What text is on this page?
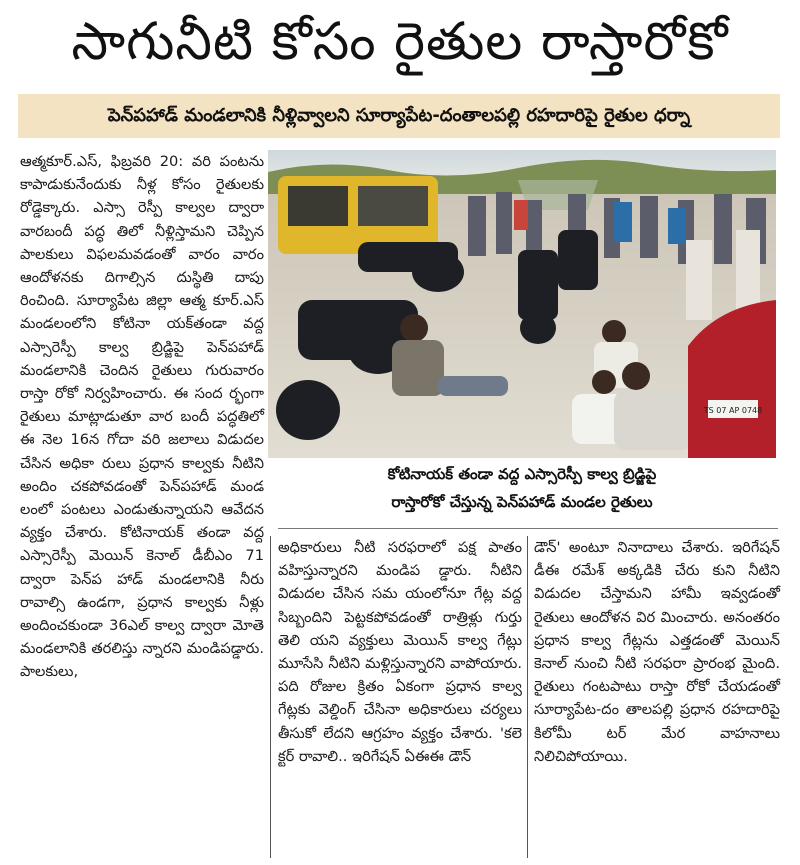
సాగునీటి కోసం రైతుల రాస్తారోకో
పెన్‌పహాడ్ మండలానికి నీళ్లివ్వాలని సూర్యాపేట-దంతాలపల్లి రహదారిపై రైతుల ధర్నా
ఆత్మకూర్.ఎస్, ఫిబ్రవరి 20: వరి పంటను కాపాడుకునేందుకు నీళ్ల కోసం రైతులకు రోడ్డెక్కారు. ఎస్సా రెస్పీ కాల్వల ద్వారా వారబందీ పద్ధ తిలో నీళ్లిస్తామని చెప్పిన పాలకులు విఫలమవడంతో వారం వారం ఆందోళనకు దిగాల్సిన దుస్థితి దాపు రించింది. సూర్యాపేట జిల్లా ఆత్మ కూర్.ఎస్ మండలంలోని కోటినా యక్‌తండా వద్ద ఎస్సారెస్పీ కాల్వ బ్రిడ్జిపై పెన్‌పహాడ్ మండలానికి చెందిన రైతులు గురువారం రాస్తా రోకో నిర్వహించారు. ఈ సంద ర్భంగా రైతులు మాట్లాడుతూ వార బందీ పద్ధతిలో ఈ నెల 16న గోదా వరి జలాలు విడుదల చేసిన అధికా రులు ప్రధాన కాల్వకు నీటిని అందిం చకపోవడంతో పెన్‌పహాడ్ మండ లంలో పంటలు ఎండుతున్నాయని ఆవేదన వ్యక్తం చేశారు. కోటినాయక్ తండా వద్ద ఎస్సారెస్పీ మెయిన్ కెనాల్ డీబీఎం 71 ద్వారా పెన్‌ప హాడ్ మండలానికి నీరు రావాల్సి ఉండగా, ప్రధాన కాల్వకు నీళ్లు అందించకుండా 36ఎల్ కాల్వ ద్వారా మోతె మండలానికి తరలిస్తు న్నారని మండిపడ్డారు. పాలకులు,
TS 07 AP 0748
కోటినాయక్ తండా వద్ద ఎస్సారెస్పీ కాల్వ బ్రిడ్జిపై
రాస్తారోకో చేస్తున్న పెన్‌పహాడ్ మండల రైతులు
అధికారులు నీటి సరఫరాలో పక్ష పాతం వహిస్తున్నారని మండిప డ్డారు. నీటిని విడుదల చేసిన సమ యంలోనూ గేట్ల వద్ద సిబ్బందిని పెట్టకపోవడంతో రాత్రిళ్లు గుర్తు తెలి యని వ్యక్తులు మెయిన్ కాల్వ గేట్లు మూసేసి నీటిని మళ్లిస్తున్నారని వాపోయారు. పది రోజుల క్రితం ఏకంగా ప్రధాన కాల్వ గేట్లకు వెల్డింగ్ చేసినా అధికారులు చర్యలు తీసుకో లేదని ఆగ్రహం వ్యక్తం చేశారు. 'కలె క్టర్ రావాలి.. ఇరిగేషన్ ఏఈఈ డౌన్
డౌన్' అంటూ నినాదాలు చేశారు. ఇరిగేషన్ డీఈ రమేశ్ అక్కడికి చేరు కుని నీటిని విడుదల చేస్తామని హామీ ఇవ్వడంతో రైతులు ఆందోళన విర మించారు. అనంతరం ప్రధాన కాల్వ గేట్లను ఎత్తడంతో మెయిన్ కెనాల్ నుంచి నీటి సరఫరా ప్రారంభ మైంది. రైతులు గంటపాటు రాస్తా రోకో చేయడంతో సూర్యాపేట-దం తాలపల్లి ప్రధాన రహదారిపై కిలోమీ టర్ మేర వాహనాలు నిలిచిపోయాయి.
